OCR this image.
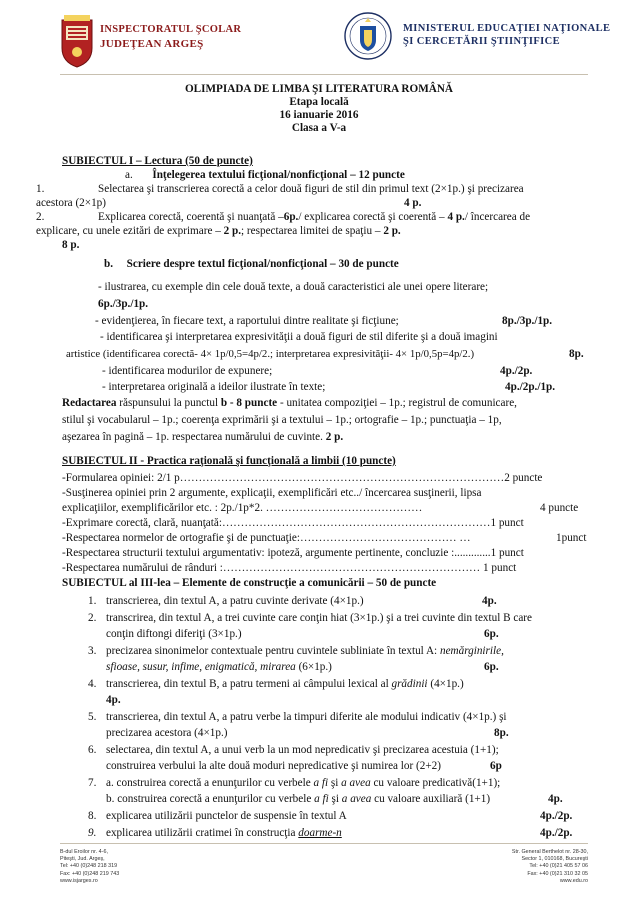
INSPECTORATUL ŞCOLAR
JUDEŢEAN ARGEŞ
MINISTERUL EDUCAŢIEI NAŢIONALE
ŞI CERCETĂRII ŞTIINŢIFICE
OLIMPIADA DE LIMBA ŞI LITERATURA ROMÂNĂ
Etapa locală
16 ianuarie 2016
Clasa a V-a
SUBIECTUL I – Lectura (50 de puncte)
a. Înţelegerea textului ficţional/nonficţional – 12 puncte
1.	Selectarea şi transcrierea corectă a celor două figuri de stil din primul text (2×1p.) şi precizarea
acestora (2×1p)	4 p.
2.	Explicarea corectă, coerentă şi nuanţată –6p./ explicarea corectă şi coerentă – 4 p./ încercarea de
explicare, cu unele ezitări de exprimare – 2 p.; respectarea limitei de spaţiu – 2 p.
8 p.
b. Scriere despre textul ficţional/nonficţional – 30 de puncte
- ilustrarea, cu exemple din cele două texte, a două caracteristici ale unei opere literare;
6p./3p./1p.
- evidenţierea, în fiecare text, a raportului dintre realitate şi ficţiune;	8p./3p./1p.
- identificarea şi interpretarea expresivităţii a două figuri de stil diferite şi a două imagini
artistice (identificarea corectă- 4× 1p/0,5=4p/2.; interpretarea expresivităţii- 4× 1p/0,5p=4p/2.)	8p.
- identificarea modurilor de expunere;	4p./2p.
- interpretarea originală a ideilor ilustrate în texte;	4p./2p./1p.
Redactarea răspunsului la punctul b - 8 puncte - unitatea compoziţiei – 1p.; registrul de comunicare,
stilul şi vocabularul – 1p.; coerenţa exprimării şi a textului – 1p.; ortografie – 1p.; punctuaţia – 1p,
aşezarea în pagină – 1p. respectarea numărului de cuvinte. 2 p.
SUBIECTUL II - Practica raţională şi funcţională a limbii (10 puncte)
-Formularea opiniei: 2/1 p……………………………………………………………………………2 puncte
-Susţinerea opiniei prin 2 argumente, explicaţii, exemplificări etc../ încercarea susţinerii, lipsa
explicaţiilor, exemplificărilor etc. : 2p./1p*2. ……………………………………	4 puncte
-Exprimare corectă, clară, nuanţată:………………………………………………………………1 punct
-Respectarea normelor de ortografie şi de punctuaţie:…………………………………… …	1punct
-Respectarea structurii textului argumentativ: ipoteză, argumente pertinente, concluzie :.............1 punct
-Respectarea numărului de rânduri :…………………………………………………………… 1 punct
SUBIECTUL al III-lea – Elemente de construcţie a comunicării – 50 de puncte
1. transcrierea, din textul A, a patru cuvinte derivate (4×1p.)	4p.
2. transcrirea, din textul A, a trei cuvinte care conţin hiat (3×1p.) şi a trei cuvinte din textul B care
conţin diftongi diferiţi (3×1p.)	6p.
3. precizarea sinonimelor contextuale pentru cuvintele subliniate în textul A: nemărginirile,
sfioase, susur, infime, enigmatică, mirarea (6×1p.)	6p.
4. transcrierea, din textul B, a patru termeni ai câmpului lexical al grădinii (4×1p.)
4p.
5. transcrierea, din textul A, a patru verbe la timpuri diferite ale modului indicativ (4×1p.) şi
precizarea acestora (4×1p.)	8p.
6. selectarea, din textul A, a unui verb la un mod nepredicativ şi precizarea acestuia (1+1);
construirea verbului la alte două moduri nepredicative şi numirea lor (2+2)	6p
7. a. construirea corectă a enunţurilor cu verbele a fi şi a avea cu valoare predicativă(1+1);
b. construirea corectă a enunţurilor cu verbele a fi şi a avea cu valoare auxiliară (1+1)	4p.
8. explicarea utilizării punctelor de suspensie în textul A	4p./2p.
9. explicarea utilizării cratimei în construcţia doarme-n	4p./2p.
B-dul Eroilor nr. 4-6,
Piteşti, Jud. Argeş,
Tel: +40 (0)248 218 319
Fax: +40 (0)248 219 743
www.isjarges.ro
Str. General Berthelot nr. 28-30,
Sector 1, 010168, Bucureşti
Tel: +40 (0)21 405 57 06
Fax: +40 (0)21 310 32 05
www.edu.ro
